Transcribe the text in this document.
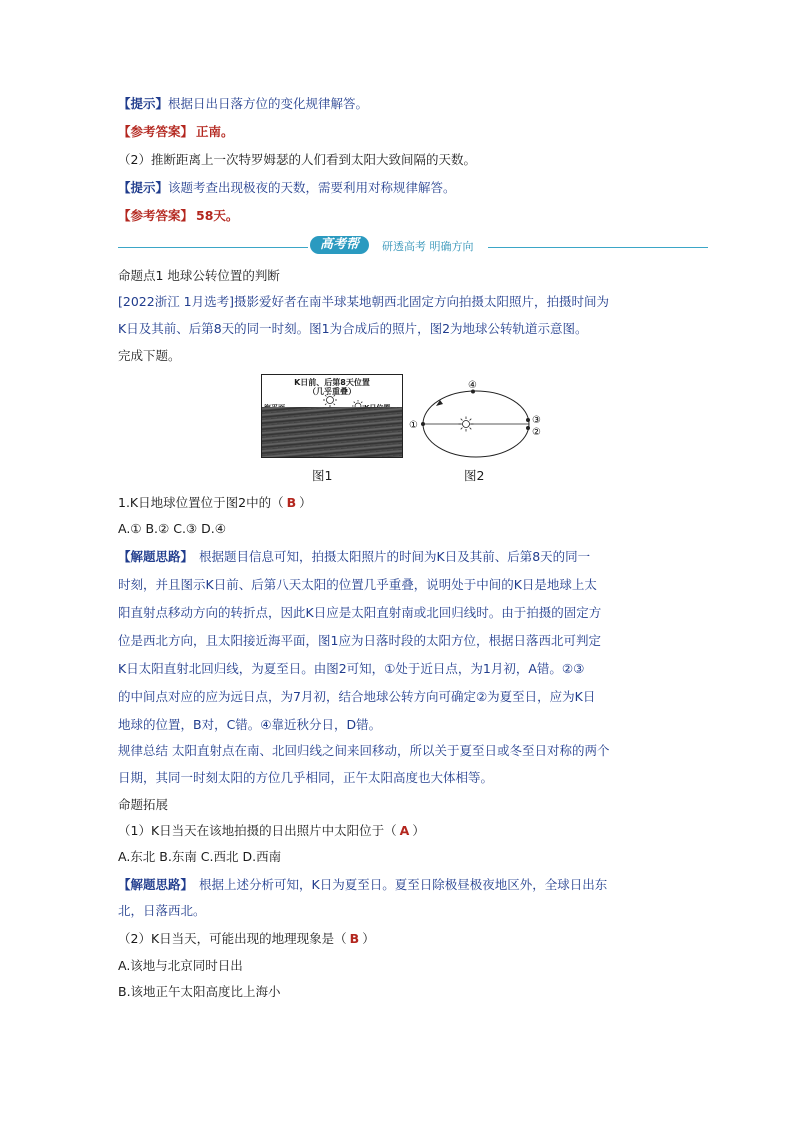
【提示】根据日出日落方位的变化规律解答。
【参考答案】 正南。
（2）推断距离上一次特罗姆瑟的人们看到太阳大致间隔的天数。
【提示】该题考查出现极夜的天数，需要利用对称规律解答。
【参考答案】 58天。
高考帮	研透高考 明确方向
命题点1 地球公转位置的判断
[2022浙江 1月选考]摄影爱好者在南半球某地朝西北固定方向拍摄太阳照片，拍摄时间为
K日及其前、后第8天的同一时刻。图1为合成后的照片，图2为地球公转轨道示意图。
完成下题。
K日前、后第8天位置
（几乎重叠）
图1
④
①	③
②
图2
1.K日地球位置位于图2中的（ B ）
A.① B.② C.③ D.④
【解题思路】 根据题目信息可知，拍摄太阳照片的时间为K日及其前、后第8天的同一
时刻，并且图示K日前、后第八天太阳的位置几乎重叠，说明处于中间的K日是地球上太
阳直射点移动方向的转折点，因此K日应是太阳直射南或北回归线时。由于拍摄的固定方
位是西北方向，且太阳接近海平面，图1应为日落时段的太阳方位，根据日落西北可判定
K日太阳直射北回归线，为夏至日。由图2可知，①处于近日点，为1月初，A错。②③
的中间点对应的应为远日点，为7月初，结合地球公转方向可确定②为夏至日，应为K日
地球的位置，B对，C错。④靠近秋分日，D错。
规律总结 太阳直射点在南、北回归线之间来回移动，所以关于夏至日或冬至日对称的两个
日期，其同一时刻太阳的方位几乎相同，正午太阳高度也大体相等。
命题拓展
（1）K日当天在该地拍摄的日出照片中太阳位于（ A ）
A.东北 B.东南 C.西北 D.西南
【解题思路】 根据上述分析可知，K日为夏至日。夏至日除极昼极夜地区外，全球日出东
北，日落西北。
（2）K日当天，可能出现的地理现象是（ B ）
A.该地与北京同时日出
B.该地正午太阳高度比上海小
